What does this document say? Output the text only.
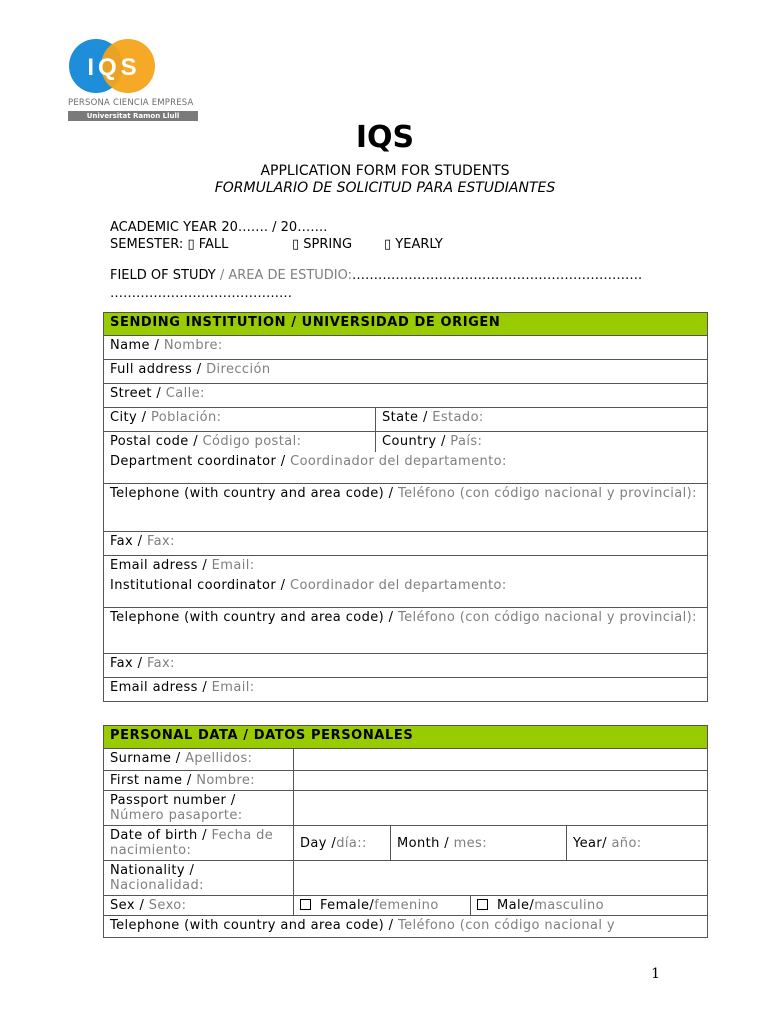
IQS
PERSONA CIENCIA EMPRESA
Universitat Ramon Llull
IQS
APPLICATION FORM FOR STUDENTS
FORMULARIO DE SOLICITUD PARA ESTUDIANTES
ACADEMIC YEAR 20……. / 20…….
SEMESTER: ▯ FALL	▯ SPRING ▯ YEARLY
FIELD OF STUDY / AREA DE ESTUDIO:………………………………………………………….
……………………………………
SENDING INSTITUTION / UNIVERSIDAD DE ORIGEN	
Name / Nombre:	
Full address / Dirección	
Street / Calle:	
City / Población:	State / Estado:
Postal code / Código postal:	Country / País:
Department coordinator / Coordinador del departamento:	
Telephone (with country and area code) / Teléfono (con código nacional y provincial):	
Fax / Fax:	
Email adress / Email:	
Institutional coordinator / Coordinador del departamento:	
Telephone (with country and area code) / Teléfono (con código nacional y provincial):	
Fax / Fax:	
Email adress / Email:	
PERSONAL DATA / DATOS PERSONALES				
Surname / Apellidos:				
First name / Nombre:				
Passport number / Número pasaporte:				
Date of birth / Fecha de nacimiento:	Day /día::	Month / mes:		Year/ año:
Nationality / Nacionalidad:				
Sex / Sexo:	Female/femenino		Male/masculino	
Telephone (with country and area code) / Teléfono (con código nacional y				
1
